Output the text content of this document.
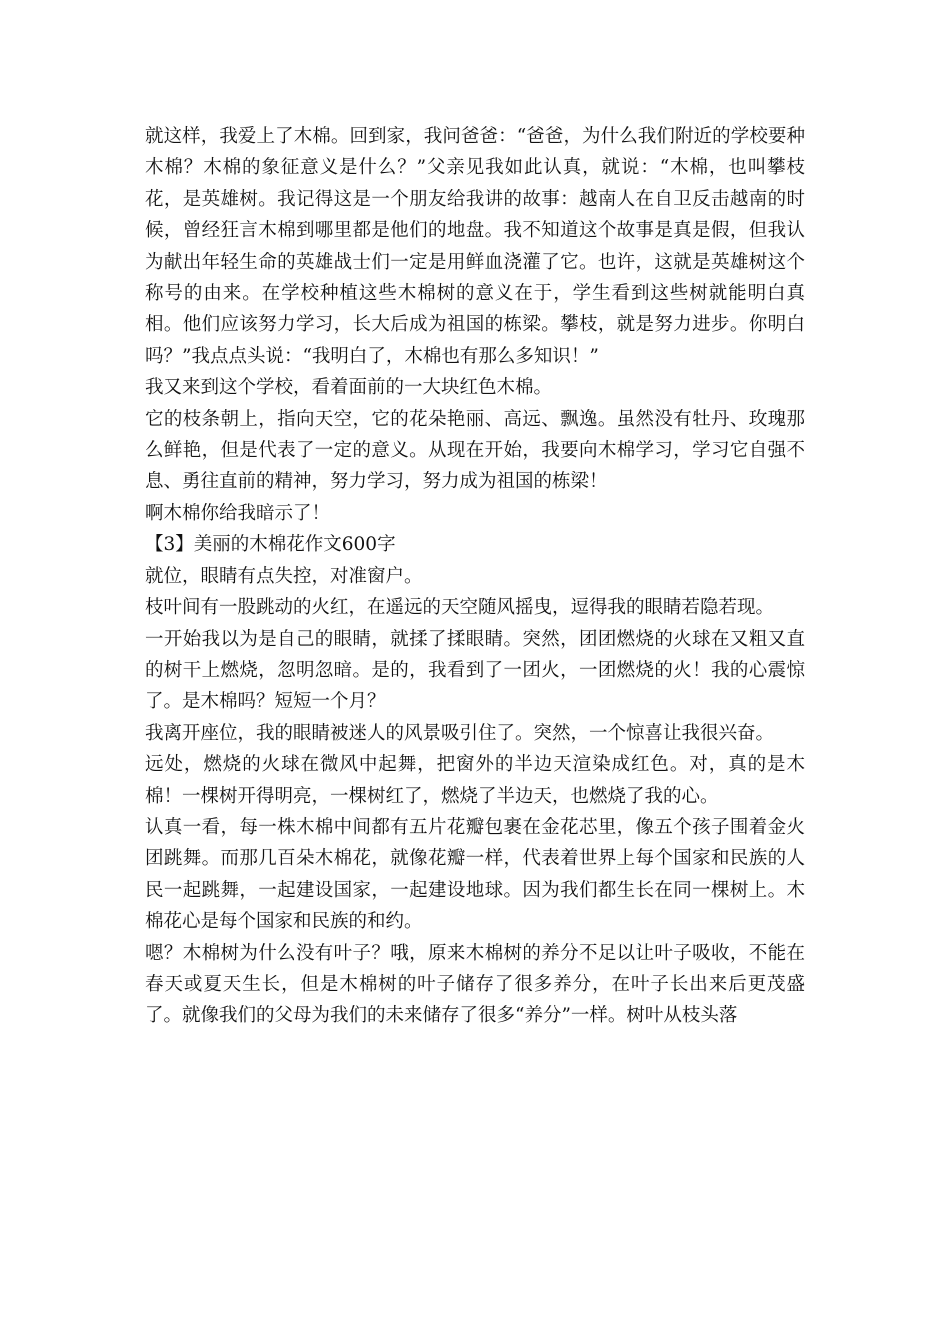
就这样，我爱上了木棉。回到家，我问爸爸：“爸爸，为什么我们附近的学校要种木棉？木棉的象征意义是什么？”父亲见我如此认真，就说：“木棉，也叫攀枝花，是英雄树。我记得这是一个朋友给我讲的故事：越南人在自卫反击越南的时候，曾经狂言木棉到哪里都是他们的地盘。我不知道这个故事是真是假，但我认为献出年轻生命的英雄战士们一定是用鲜血浇灌了它。也许，这就是英雄树这个称号的由来。在学校种植这些木棉树的意义在于，学生看到这些树就能明白真相。他们应该努力学习，长大后成为祖国的栋梁。攀枝，就是努力进步。你明白吗？”我点点头说：“我明白了，木棉也有那么多知识！”

我又来到这个学校，看着面前的一大块红色木棉。

它的枝条朝上，指向天空，它的花朵艳丽、高远、飘逸。虽然没有牡丹、玫瑰那么鲜艳，但是代表了一定的意义。从现在开始，我要向木棉学习，学习它自强不息、勇往直前的精神，努力学习，努力成为祖国的栋梁！

啊木棉你给我暗示了！

【3】美丽的木棉花作文600字

就位，眼睛有点失控，对准窗户。

枝叶间有一股跳动的火红，在遥远的天空随风摇曳，逗得我的眼睛若隐若现。

一开始我以为是自己的眼睛，就揉了揉眼睛。突然，团团燃烧的火球在又粗又直的树干上燃烧，忽明忽暗。是的，我看到了一团火，一团燃烧的火！我的心震惊了。是木棉吗？短短一个月？

我离开座位，我的眼睛被迷人的风景吸引住了。突然，一个惊喜让我很兴奋。

远处，燃烧的火球在微风中起舞，把窗外的半边天渲染成红色。对，真的是木棉！一棵树开得明亮，一棵树红了，燃烧了半边天，也燃烧了我的心。

认真一看，每一株木棉中间都有五片花瓣包裹在金花芯里，像五个孩子围着金火团跳舞。而那几百朵木棉花，就像花瓣一样，代表着世界上每个国家和民族的人民一起跳舞，一起建设国家，一起建设地球。因为我们都生长在同一棵树上。木棉花心是每个国家和民族的和约。

嗯？木棉树为什么没有叶子？哦，原来木棉树的养分不足以让叶子吸收，不能在春天或夏天生长，但是木棉树的叶子储存了很多养分，在叶子长出来后更茂盛了。就像我们的父母为我们的未来储存了很多“养分”一样。树叶从枝头落
